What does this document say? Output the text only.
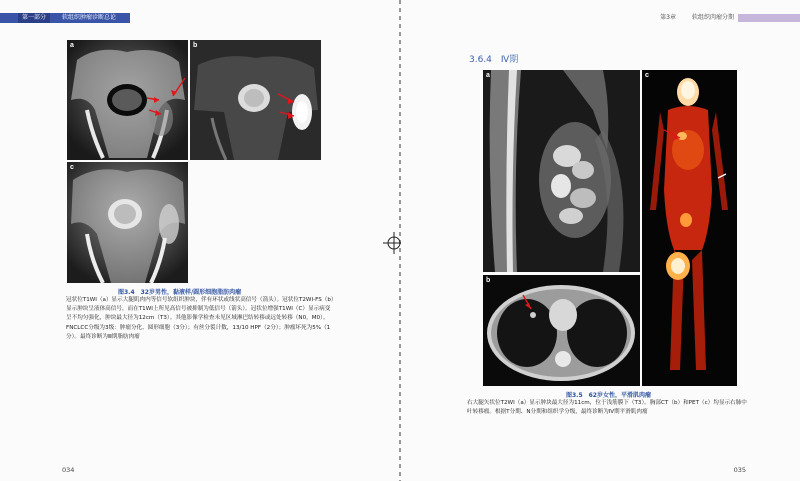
第一部分	软组织肿瘤诊断总论
a	b
c
图3.4　32岁男性，黏液样/圆形细胞脂肪肉瘤
冠状位T1WI（a）显示大腿肌肉内等信号软组织肿块，伴有环状或线状高信号（箭头）。冠状位T2WI-FS（b）显示肿块呈液体高信号，而在T1WI上所见高信号被抑制为低信号（箭头）。冠状位增强T1WI（C）显示病变呈不均匀强化，肿块最大径为12cm（T3）。其他影像学检查未见区域淋巴结转移或远处转移（N0，M0）。FNCLCC分级为3级：肿瘤分化、圆形细胞（3分）；有丝分裂计数，13/10 HPF（2分）；肿瘤坏死为5%（1分）。最终诊断为Ⅲ期脂肪肉瘤
034
第3章	软组织肉瘤分期
035
3.6.4　Ⅳ期
a
b
c
图3.5　62岁女性，平滑肌肉瘤
右大腿矢状位T2WI（a）显示肿块最大径为11cm，位于浅筋膜下（T3）。胸部CT（b）和PET（c）均显示右肺中叶转移瘤。根据T分期、N分期和组织学分级，最终诊断为Ⅳ期平滑肌肉瘤
